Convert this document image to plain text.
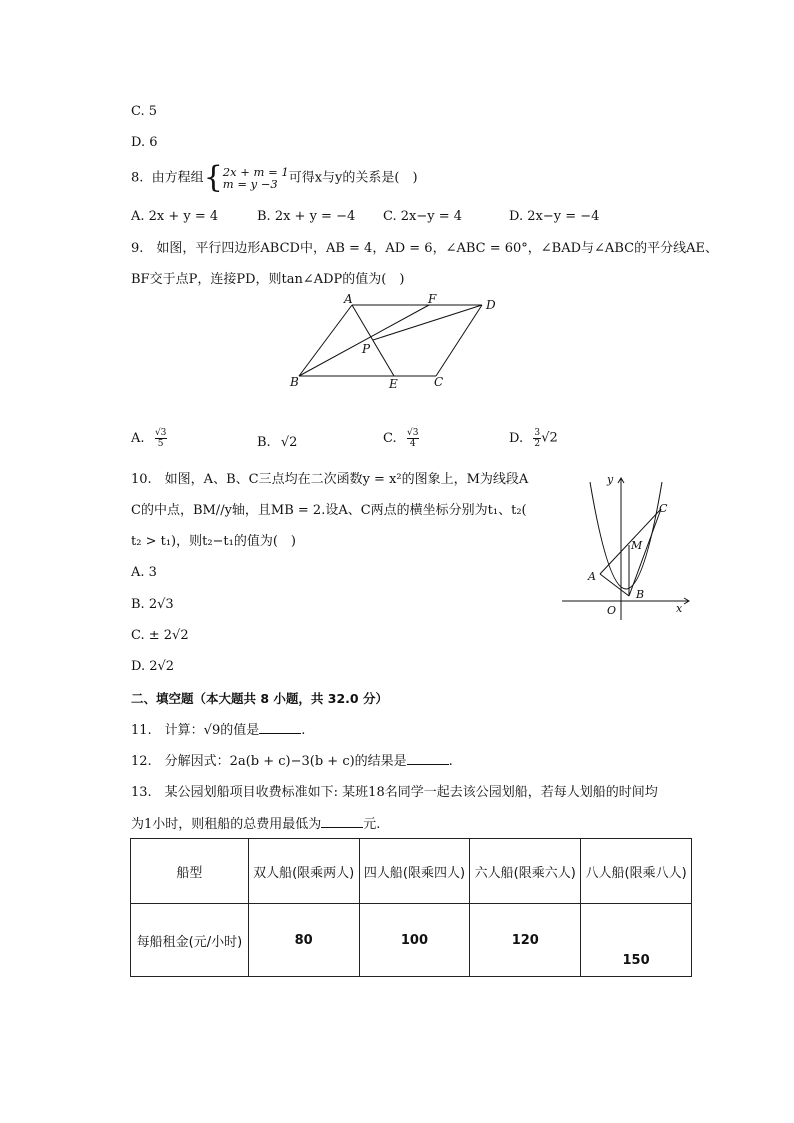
C. 5
D. 6
8. 由方程组 { 2x + m = 1
m = y −3 可得x与y的关系是(　)
A. 2x + y = 4	B. 2x + y = −4 C. 2x−y = 4	D. 2x−y = −4
9.　如图，平行四边形ABCD中，AB = 4，AD = 6，∠ABC = 60°，∠BAD与∠ABC的平分线AE、
BF交于点P，连接PD，则tan∠ADP的值为(　)
A	F	D
P
B	E	C
A. $\frac{√3}{5}$	B. √2	C. $\frac{√3}{4}$	D. $\frac{3}{2} √2$
10.　如图，A、B、C三点均在二次函数y = x²的图象上，M为线段A
C的中点，BM//y轴，且MB = 2.设A、C两点的横坐标分别为t₁、t₂(
t₂ > t₁)，则t₂−t₁的值为(　)
A. 3
B. 2√3
C. ± 2√2
D. 2√2
y
C
M
A
B
O	x
二、填空题（本大题共 8 小题，共 32.0 分）
11.　计算：√9的值是	.
12.　分解因式：2a(b + c)−3(b + c)的结果是	.
13.　某公园划船项目收费标准如下: 某班18名同学一起去该公园划船，若每人划船的时间均
为1小时，则租船的总费用最低为	元.
船型	双人船(限乘两人)	四人船(限乘四人)	六人船(限乘六人)	八人船(限乘八人)
每船租金(元/小时)	80	100	120	150
